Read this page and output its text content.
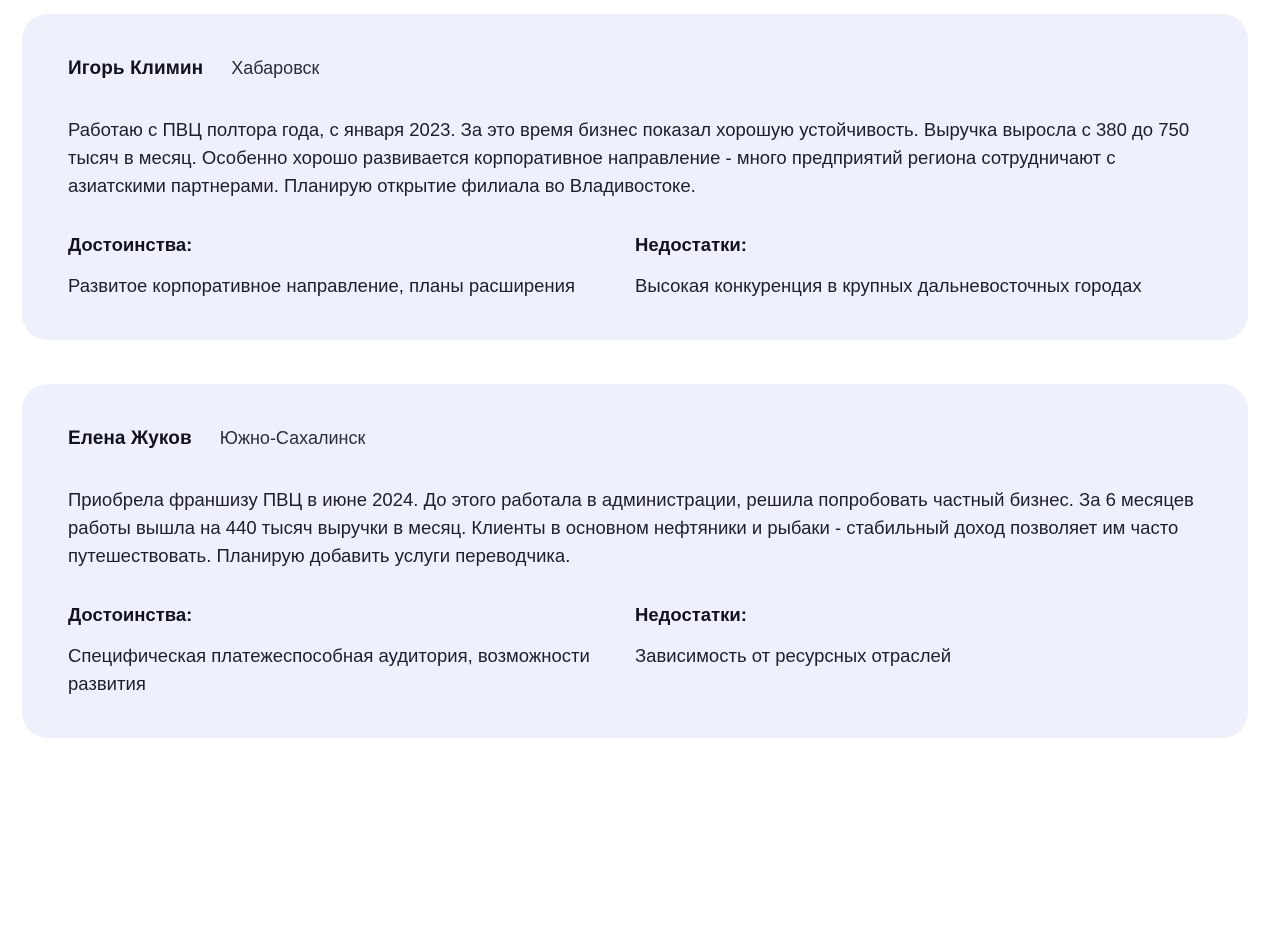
Игорь Климин Хабаровск

Работаю с ПВЦ полтора года, с января 2023. За это время бизнес показал хорошую устойчивость. Выручка выросла с 380 до 750 тысяч в месяц. Особенно хорошо развивается корпоративное направление - много предприятий региона сотрудничают с азиатскими партнерами. Планирую открытие филиала во Владивостоке.

Достоинства:
Развитое корпоративное направление, планы расширения
Недостатки:
Высокая конкуренция в крупных дальневосточных городах
Елена Жуков Южно-Сахалинск

Приобрела франшизу ПВЦ в июне 2024. До этого работала в администрации, решила попробовать частный бизнес. За 6 месяцев работы вышла на 440 тысяч выручки в месяц. Клиенты в основном нефтяники и рыбаки - стабильный доход позволяет им часто путешествовать. Планирую добавить услуги переводчика.

Достоинства:
Специфическая платежеспособная аудитория, возможности развития
Недостатки:
Зависимость от ресурсных отраслей
